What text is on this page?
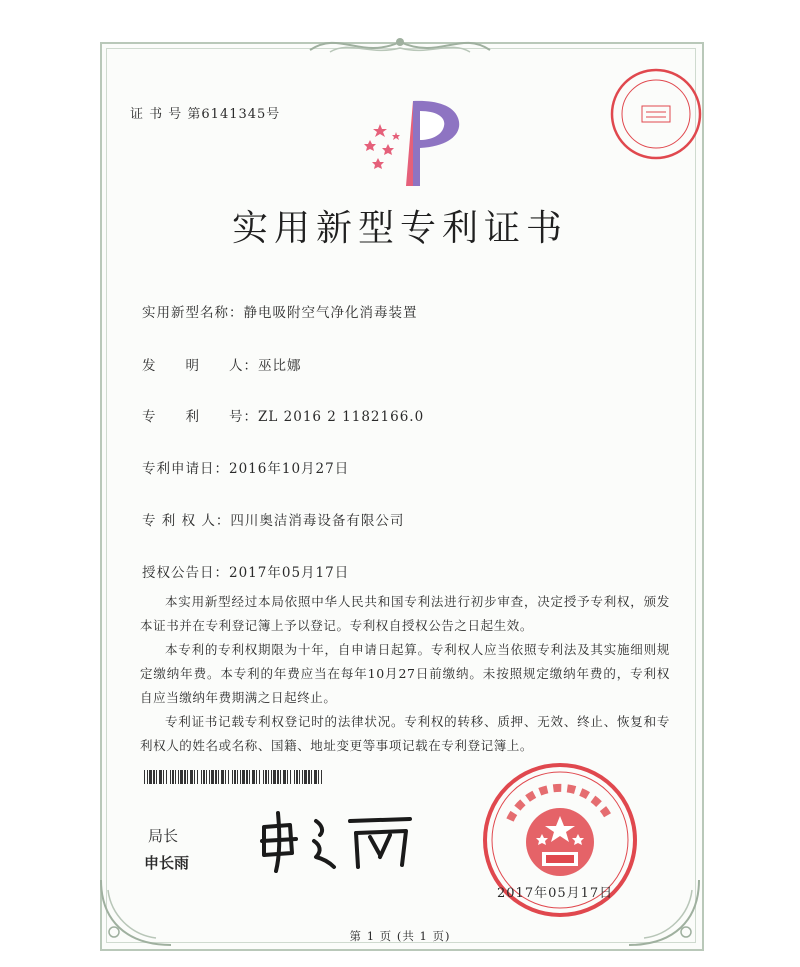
证 书 号 第6141345号
实用新型专利证书
实用新型名称：静电吸附空气净化消毒装置
发　　明　　人：巫比娜
专　　利　　号：ZL 2016 2 1182166.0
专利申请日：2016年10月27日
专 利 权 人：四川奥洁消毒设备有限公司
授权公告日：2017年05月17日

本实用新型经过本局依照中华人民共和国专利法进行初步审查，决定授予专利权，颁发本证书并在专利登记簿上予以登记。专利权自授权公告之日起生效。

本专利的专利权期限为十年，自申请日起算。专利权人应当依照专利法及其实施细则规定缴纳年费。本专利的年费应当在每年10月27日前缴纳。未按照规定缴纳年费的，专利权自应当缴纳年费期满之日起终止。

专利证书记载专利权登记时的法律状况。专利权的转移、质押、无效、终止、恢复和专利权人的姓名或名称、国籍、地址变更等事项记载在专利登记簿上。

局长
申长雨
2017年05月17日
第 1 页 (共 1 页)
